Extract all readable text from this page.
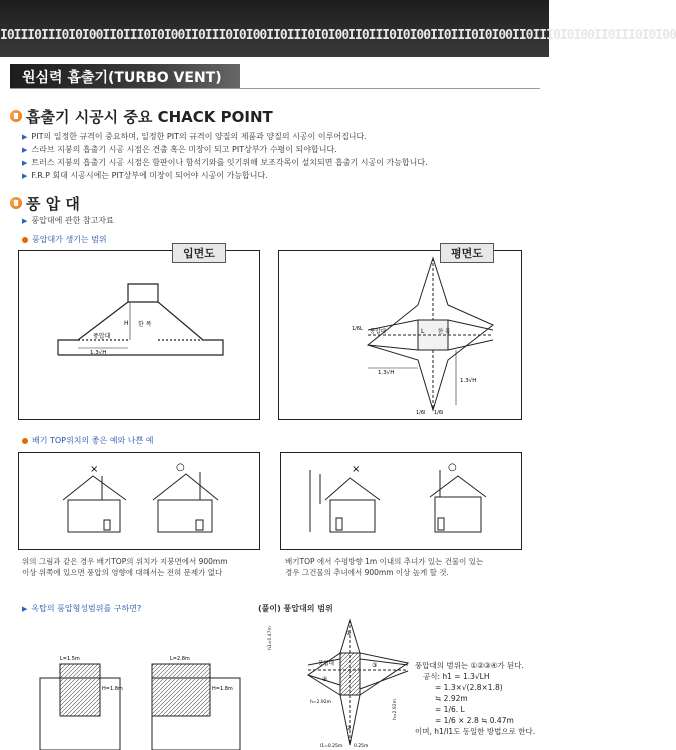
I0III0III0I0I00II0III0I0I00II0III0I0I00II0III0I0I00II0III0I0I00II0III0I0I00II0III0I0I00II0III0I0I00
원심력 흡출기(TURBO VENT)
흡출기 시공시 중요 CHACK POINT
▶ PIT의 일정한 규격이 중요하며, 일정한 PIT의 규격이 양질의 제품과 양질의 시공이 이루어집니다.
▶ 스라브 지붕의 흡출기 시공 시점은 견출 혹은 미장이 되고 PIT상부가 수평이 되야합니다.
▶ 트러스 지붕의 흡출기 시공 시점은 함판이나 함석기와를 잇기위해 보조각목이 설치되면 흡출기 시공이 가능합니다.
▶ F.R.P 회대 시공시에는 PIT상부에 미장이 되어야 시공이 가능합니다.
풍 압 대
▶ 풍압대에 관한 참고자료
풍압대가 생기는 범위
입면도
풍압대
H 한 폭
1.3√H
평면도
풍압대	L 한 폭
1.3√H
1.3√H
1/6L
1/6l 1/6l
배기 TOP위치의 좋은 예와 나쁜 예
×	○	×	○
위의 그림과 같은 경우 배기TOP의 위치가 지붕면에서 900mm
이상 위쪽에 있으면 풍압의 영향에 대해서는 전혀 문제가 없다
배기TOP 에서 수평방향 1m 이내의 추녀가 있는 건물이 있는
경우 그건물의 추녀에서 900mm 이상 높게 할 것.
▶ 옥탑의 풍압형성범위를 구하면?	(풀이) 풍압대의 범위
L=1.5m
H=1.8m
L=2.8m
H=1.8m
풍압대
①
②
③
④
h=2.92m
l1=0.25m	0.25m
h1=0.47m
h=2.92m
풍압대의 범위는 ①②③④가 된다.
공식: h1 = 1.3√LH
= 1.3×√(2.8×1.8)
≒ 2.92m
= 1/6. L
= 1/6 × 2.8 ≒ 0.47m
이며, h1/l1도 동일한 방법으로 한다.
